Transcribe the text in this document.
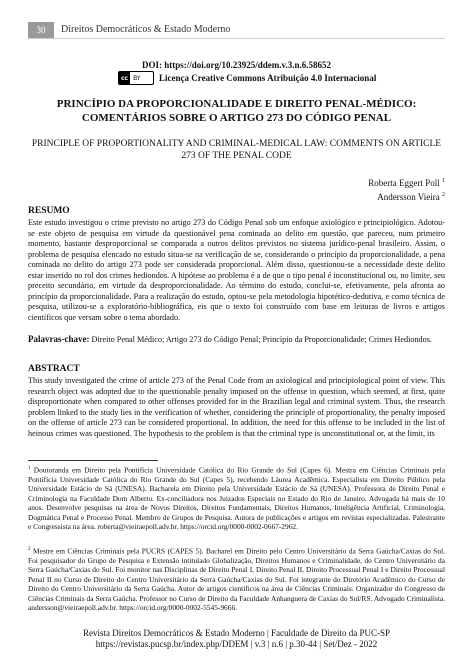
30	Direitos Democráticos & Estado Moderno
DOI: https://doi.org/10.23925/ddem.v.3.n.6.58652
cc BY	Licença Creative Commons Atribuição 4.0 Internacional
PRINCÍPIO DA PROPORCIONALIDADE E DIREITO PENAL-MÉDICO: COMENTÁRIOS SOBRE O ARTIGO 273 DO CÓDIGO PENAL
PRINCIPLE OF PROPORTIONALITY AND CRIMINAL-MEDICAL LAW: COMMENTS ON ARTICLE 273 OF THE PENAL CODE
Roberta Eggert Poll $^1$
Andersson Vieira $^2$
RESUMO

Este estudo investigou o crime previsto no artigo 273 do Código Penal sob um enfoque axiológico e principiológico. Adotou-se este objeto de pesquisa em virtude da questionável pena cominada ao delito em questão, que pareceu, num primeiro momento, bastante desproporcional se comparada a outros delitos previstos no sistema jurídico-penal brasileiro. Assim, o problema de pesquisa elencado no estudo situa-se na verificação de se, considerando o princípio da proporcionalidade, a pena cominada no delito do artigo 273 pode ser considerada proporcional. Além disso, questionou-se a necessidade deste delito estar inserido no rol dos crimes hediondos. A hipótese ao problema é a de que o tipo penal é inconstitucional ou, no limite, seu preceito secundário, em virtude da desproporcionalidade. Ao término do estudo, conclui-se, efetivamente, pela afronta ao princípio da proporcionalidade. Para a realização do estudo, optou-se pela metodologia hipotético-dedutiva, e como técnica de pesquisa, utilizou-se a exploratório-bibliográfica, eis que o texto foi construído com base em leituras de livros e artigos científicos que versam sobre o tema abordado.

Palavras-chave: Direito Penal Médico; Artigo 273 do Código Penal; Princípio da Proporcionalidade; Crimes Hediondos.
ABSTRACT

This study investigated the crime of article 273 of the Penal Code from an axiological and principiological point of view. This research object was adopted due to the questionable penalty imposed on the offense in question, which seemed, at first, quite disproportionate when compared to other offenses provided for in the Brazilian legal and criminal system. Thus, the research problem linked to the study lies in the verification of whether, considering the principle of proportionality, the penalty imposed on the offense of article 273 can be considered proportional. In addition, the need for this offense to be included in the list of heinous crimes was questioned. The hypothesis to the problem is that the criminal type is unconstitutional or, at the limit, its

$^1$ Doutoranda em Direito pela Pontifícia Universidade Católica do Rio Grande do Sul (Capes 6). Mestra em Ciências Criminais pela Pontifícia Universidade Católica do Rio Grande do Sul (Capes 5), recebendo Láurea Acadêmica. Especialista em Direito Público pela Universidade Estácio de Sá (UNESA). Bacharela em Direito pela Universidade Estácio de Sá (UNESA). Professora de Direito Penal e Criminologia na Faculdade Dom Alberto. Ex-conciliadora nos Juizados Especiais no Estado do Rio de Janeiro. Advogada há mais de 10 anos. Desenvolve pesquisas na área de Novos Direitos, Direitos Fundamentais, Direitos Humanos, Inteligência Artificial, Criminologia, Dogmática Penal e Processo Penal. Membro de Grupos de Pesquisa. Autora de publicações e artigos em revistas especializadas. Palestrante e Congressista na área. roberta@vieiraepoll.adv.br. https://orcid.org/0000-0002-0667-2962.

$^2$ Mestre em Ciências Criminais pela PUCRS (CAPES 5). Bacharel em Direito pelo Centro Universitário da Serra Gaúcha/Caxias do Sul. Foi pesquisador do Grupo de Pesquisa e Extensão intitulado Globalização, Direitos Humanos e Criminalidade, do Centro Universitário da Serra Gaúcha/Caxias do Sul. Foi monitor nas Disciplinas de Direito Penal I, Direito Penal II, Direito Processual Penal I e Direito Processual Penal II no Curso de Direito do Centro Universitário da Serra Gaúcha/Caxias do Sul. Foi integrante do Diretório Acadêmico do Curso de Direito do Centro Universitário da Serra Gaúcha. Autor de artigos científicos na área de Ciências Criminais. Organizador do Congresso de Ciências Criminais da Serra Gaúcha. Professor no Curso de Direito da Faculdade Anhanguera de Caxias do Sul/RS. Advogado Criminalista. andersson@vieiraepoll.adv.br. https://orcid.org/0000-0002-5545-9666.

Revista Direitos Democráticos & Estado Moderno | Faculdade de Direito da PUC-SP
https://revistas.pucsp.br/index.php/DDEM | v.3 | n.6 | p.30-44 | Set/Dez - 2022
